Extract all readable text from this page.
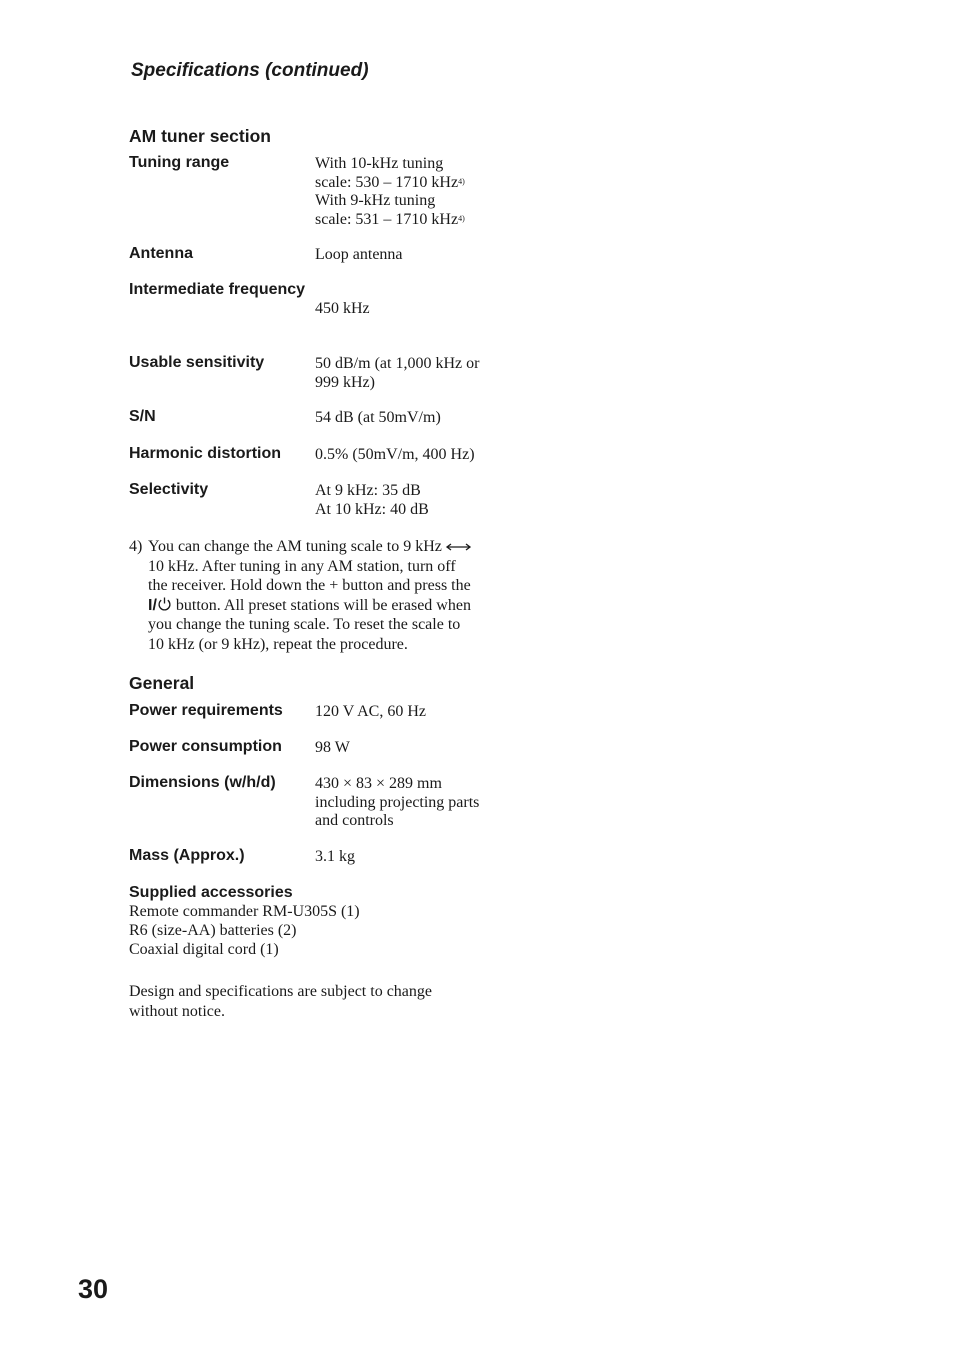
Specifications (continued)
AM tuner section
Tuning range	With 10-kHz tuning
scale: 530 – 1710 kHz$^{4)}$
With 9-kHz tuning
scale: 531 – 1710 kHz$^{4)}$
Antenna	Loop antenna
Intermediate frequency
450 kHz
Usable sensitivity	50 dB/m (at 1,000 kHz or
999 kHz)
S/N	54 dB (at 50mV/m)
Harmonic distortion 0.5% (50mV/m, 400 Hz)
Selectivity	At 9 kHz: 35 dB
At 10 kHz: 40 dB
4) You can change the AM tuning scale to 9 kHz
10 kHz. After tuning in any AM station, turn off
the receiver. Hold down the + button and press the
I/ button. All preset stations will be erased when
you change the tuning scale. To reset the scale to
10 kHz (or 9 kHz), repeat the procedure.
General
Power requirements 120 V AC, 60 Hz
Power consumption 98 W
Dimensions (w/h/d) 430 × 83 × 289 mm
including projecting parts
and controls
Mass (Approx.)	3.1 kg
Supplied accessories
Remote commander RM-U305S (1)
R6 (size-AA) batteries (2)
Coaxial digital cord (1)
Design and specifications are subject to change
without notice.
30
